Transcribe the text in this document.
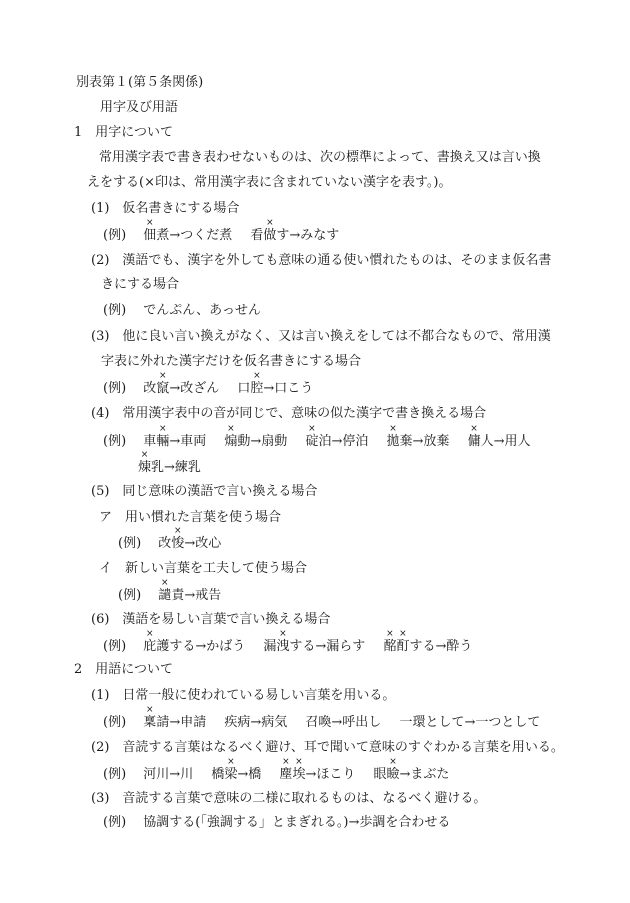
別表第１(第５条関係)
用字及び用語
1　用字について
常用漢字表で書き表わせないものは、次の標準によって、書換え又は言い換
えをする(×印は、常用漢字表に含まれていない漢字を表す。)。
(1)　仮名書きにする場合
(例)　 × 佃煮→つくだ煮 看× 做す→みなす
(2)　漢語でも、漢字を外しても意味の通る使い慣れたものは、そのまま仮名書
きにする場合
(例)　 でんぷん、あっせん
(3)　他に良い言い換えがなく、又は言い換えをしては不都合なもので、常用漢
字表に外れた漢字だけを仮名書きにする場合
(例)　 改× 竄→改ざん 口× 腔→口こう
(4)　常用漢字表中の音が同じで、意味の似た漢字で書き換える場合
(例)　 車× 輛→車両 × 煽動→扇動 × 碇泊→停泊 × 拋棄→放棄 × 傭人→用人
× 煉乳→練乳
(5)　同じ意味の漢語で言い換える場合
ア　用い慣れた言葉を使う場合
(例)　 改× 悛→改心
イ　新しい言葉を工夫して使う場合
(例)　 × 譴責→戒告
(6)　漢語を易しい言葉で言い換える場合
(例)　 × 庇護する→かばう 漏× 洩する→漏らす × 酩× 酊する→酔う
2　用語について
(1)　日常一般に使われている易しい言葉を用いる。
(例)　 × 稟請→申請 疾病→病気 召喚→呼出し 一環として→一つとして
(2)　音読する言葉はなるべく避け、耳で聞いて意味のすぐわかる言葉を用いる。
(例)　 河川→川 橋× 梁→橋 × 塵× 埃→ほこり 眼× 瞼→まぶた
(3)　音読する言葉で意味の二様に取れるものは、なるべく避ける。
(例)　 協調する(「強調する」とまぎれる。)→歩調を合わせる
